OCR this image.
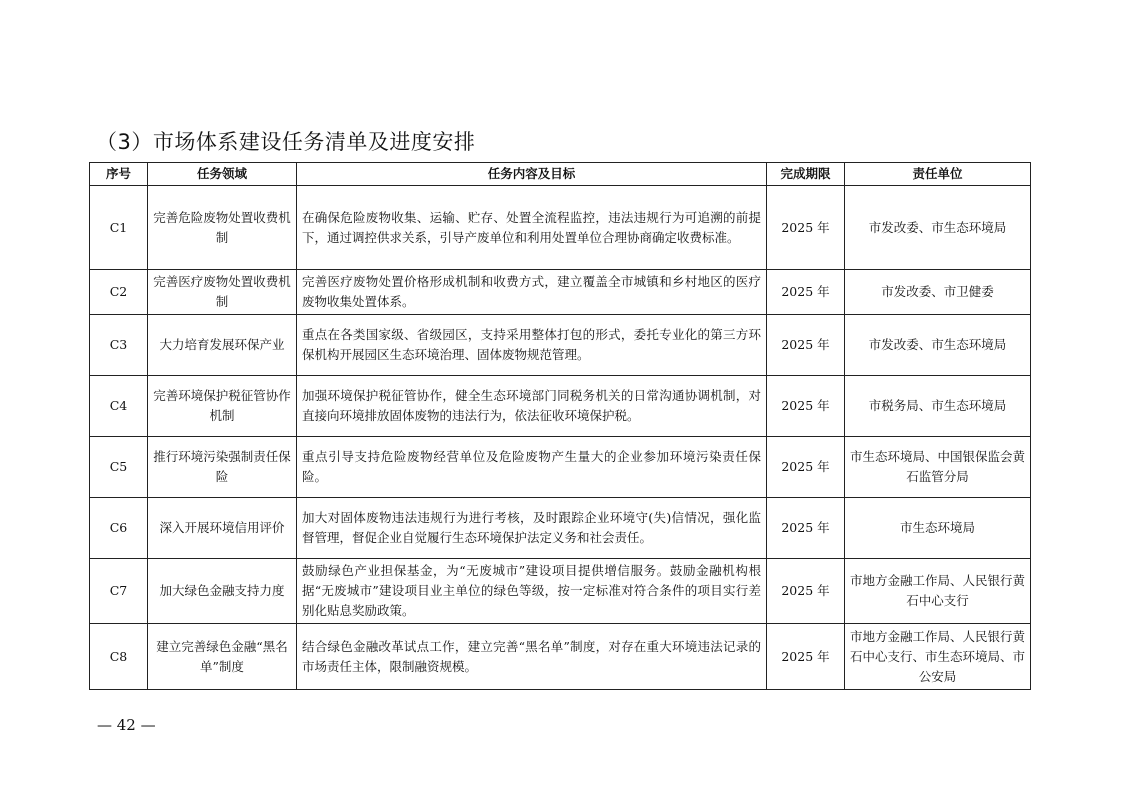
（3）市场体系建设任务清单及进度安排
序号	任务领域	任务内容及目标	完成期限	责任单位
C1	完善危险废物处置收费机制	在确保危险废物收集、运输、贮存、处置全流程监控，违法违规行为可追溯的前提下，通过调控供求关系，引导产废单位和利用处置单位合理协商确定收费标准。	2025 年	市发改委、市生态环境局
C2	完善医疗废物处置收费机制	完善医疗废物处置价格形成机制和收费方式，建立覆盖全市城镇和乡村地区的医疗废物收集处置体系。	2025 年	市发改委、市卫健委
C3	大力培育发展环保产业	重点在各类国家级、省级园区，支持采用整体打包的形式，委托专业化的第三方环保机构开展园区生态环境治理、固体废物规范管理。	2025 年	市发改委、市生态环境局
C4	完善环境保护税征管协作机制	加强环境保护税征管协作，健全生态环境部门同税务机关的日常沟通协调机制，对直接向环境排放固体废物的违法行为，依法征收环境保护税。	2025 年	市税务局、市生态环境局
C5	推行环境污染强制责任保险	重点引导支持危险废物经营单位及危险废物产生量大的企业参加环境污染责任保险。	2025 年	市生态环境局、中国银保监会黄石监管分局
C6	深入开展环境信用评价	加大对固体废物违法违规行为进行考核，及时跟踪企业环境守(失)信情况，强化监督管理，督促企业自觉履行生态环境保护法定义务和社会责任。	2025 年	市生态环境局
C7	加大绿色金融支持力度	鼓励绿色产业担保基金，为“无废城市”建设项目提供增信服务。鼓励金融机构根据“无废城市”建设项目业主单位的绿色等级，按一定标准对符合条件的项目实行差别化贴息奖励政策。	2025 年	市地方金融工作局、人民银行黄石中心支行
C8	建立完善绿色金融“黑名单”制度	结合绿色金融改革试点工作，建立完善“黑名单”制度，对存在重大环境违法记录的市场责任主体，限制融资规模。	2025 年	市地方金融工作局、人民银行黄石中心支行、市生态环境局、市公安局
— 42 —
